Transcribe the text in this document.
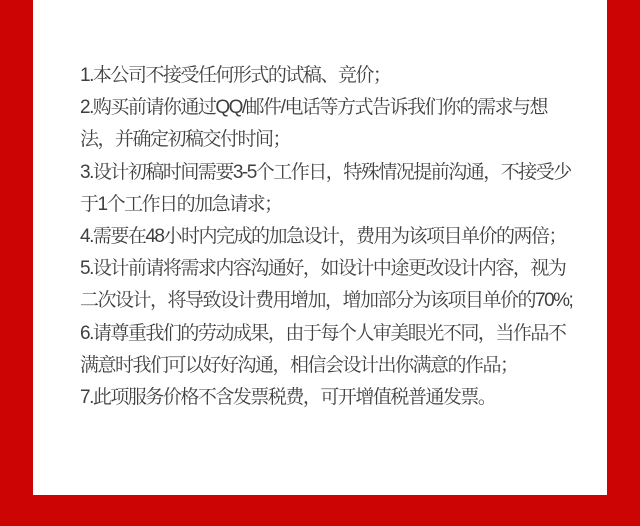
1.本公司不接受任何形式的试稿、竞价；
2.购买前请你通过QQ/邮件/电话等方式告诉我们你的需求与想
法，并确定初稿交付时间；
3.设计初稿时间需要3-5个工作日，特殊情况提前沟通，不接受少
于1个工作日的加急请求；
4.需要在48小时内完成的加急设计，费用为该项目单价的两倍；
5.设计前请将需求内容沟通好，如设计中途更改设计内容，视为
二次设计，将导致设计费用增加，增加部分为该项目单价的70%;
6.请尊重我们的劳动成果，由于每个人审美眼光不同，当作品不
满意时我们可以好好沟通，相信会设计出你满意的作品；
7.此项服务价格不含发票税费，可开增值税普通发票。
